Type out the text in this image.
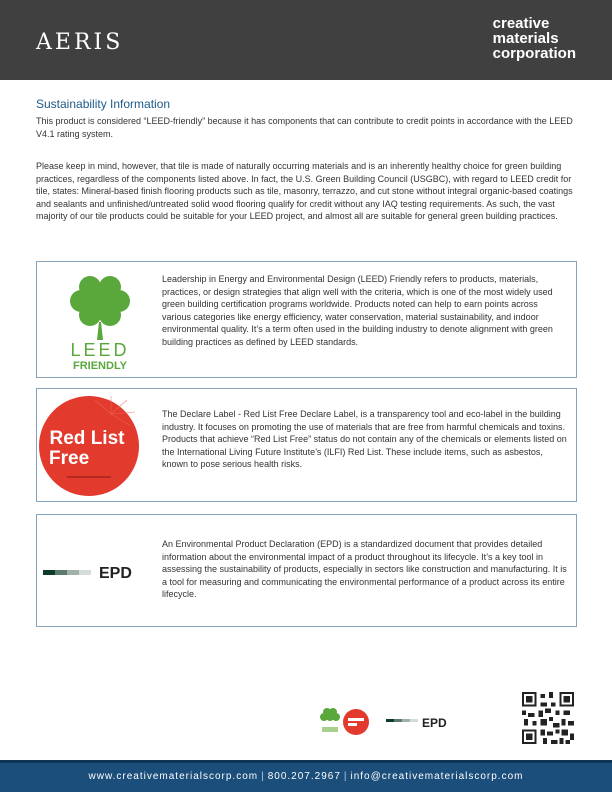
AERIS
creative
materials
corporation
Sustainability Information

This product is considered “LEED-friendly” because it has components that can contribute to credit points in accordance with the LEED V4.1 rating system.

Please keep in mind, however, that tile is made of naturally occurring materials and is an inherently healthy choice for green building practices, regardless of the components listed above. In fact, the U.S. Green Building Council (USGBC), with regard to LEED credit for tile, states: Mineral-based finish flooring products such as tile, masonry, terrazzo, and cut stone without integral organic-based coatings and sealants and unfinished/untreated solid wood flooring qualify for credit without any IAQ testing requirements. As such, the vast majority of our tile products could be suitable for your LEED project, and almost all are suitable for general green building practices.

LEED
FRIENDLY

Leadership in Energy and Environmental Design (LEED) Friendly refers to products, materials, practices, or design strategies that align well with the criteria, which is one of the most widely used green building certification programs worldwide. Products noted can help to earn points across various categories like energy efficiency, water conservation, material sustainability, and indoor environmental quality. It’s a term often used in the building industry to denote alignment with green building practices as defined by LEED standards.

Red List
Free

The Declare Label - Red List Free Declare Label, is a transparency tool and eco-label in the building industry. It focuses on promoting the use of materials that are free from harmful chemicals and toxins. Products that achieve “Red List Free” status do not contain any of the chemicals or elements listed on the International Living Future Institute’s (ILFI) Red List. These include items, such as asbestos, known to pose serious health risks.

EPD

An Environmental Product Declaration (EPD) is a standardized document that provides detailed information about the environmental impact of a product throughout its lifecycle. It’s a key tool in assessing the sustainability of products, especially in sectors like construction and manufacturing. It is a tool for measuring and communicating the environmental performance of a product across its entire lifecycle.

EPD
www.creativematerialscorp.com | 800.207.2967 | info@creativematerialscorp.com
